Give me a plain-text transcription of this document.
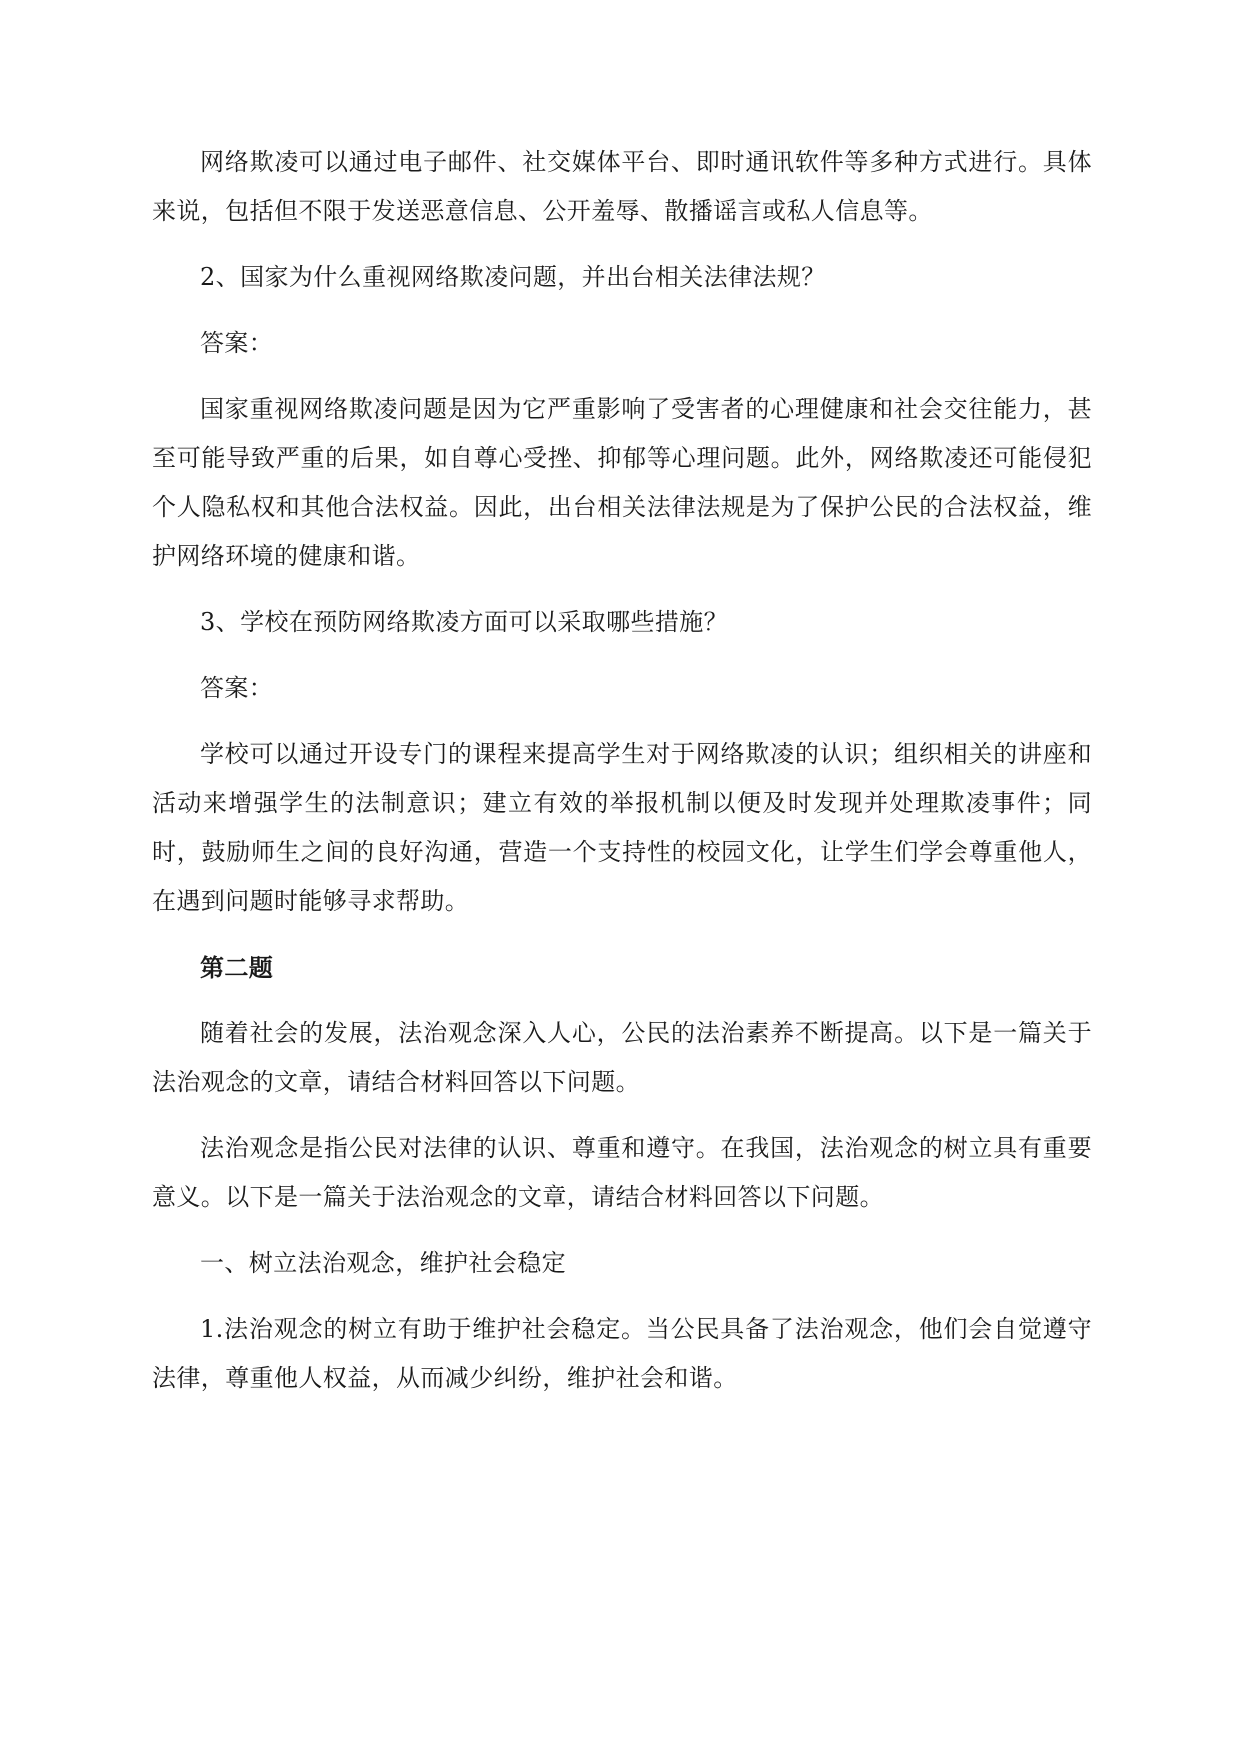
网络欺凌可以通过电子邮件、社交媒体平台、即时通讯软件等多种方式进行。具体来说，包括但不限于发送恶意信息、公开羞辱、散播谣言或私人信息等。

2、国家为什么重视网络欺凌问题，并出台相关法律法规？

答案：

国家重视网络欺凌问题是因为它严重影响了受害者的心理健康和社会交往能力，甚至可能导致严重的后果，如自尊心受挫、抑郁等心理问题。此外，网络欺凌还可能侵犯个人隐私权和其他合法权益。因此，出台相关法律法规是为了保护公民的合法权益，维护网络环境的健康和谐。

3、学校在预防网络欺凌方面可以采取哪些措施？

答案：

学校可以通过开设专门的课程来提高学生对于网络欺凌的认识；组织相关的讲座和活动来增强学生的法制意识；建立有效的举报机制以便及时发现并处理欺凌事件；同时，鼓励师生之间的良好沟通，营造一个支持性的校园文化，让学生们学会尊重他人，在遇到问题时能够寻求帮助。

第二题

随着社会的发展，法治观念深入人心，公民的法治素养不断提高。以下是一篇关于法治观念的文章，请结合材料回答以下问题。

法治观念是指公民对法律的认识、尊重和遵守。在我国，法治观念的树立具有重要意义。以下是一篇关于法治观念的文章，请结合材料回答以下问题。

一、树立法治观念，维护社会稳定

1.法治观念的树立有助于维护社会稳定。当公民具备了法治观念，他们会自觉遵守法律，尊重他人权益，从而减少纠纷，维护社会和谐。
